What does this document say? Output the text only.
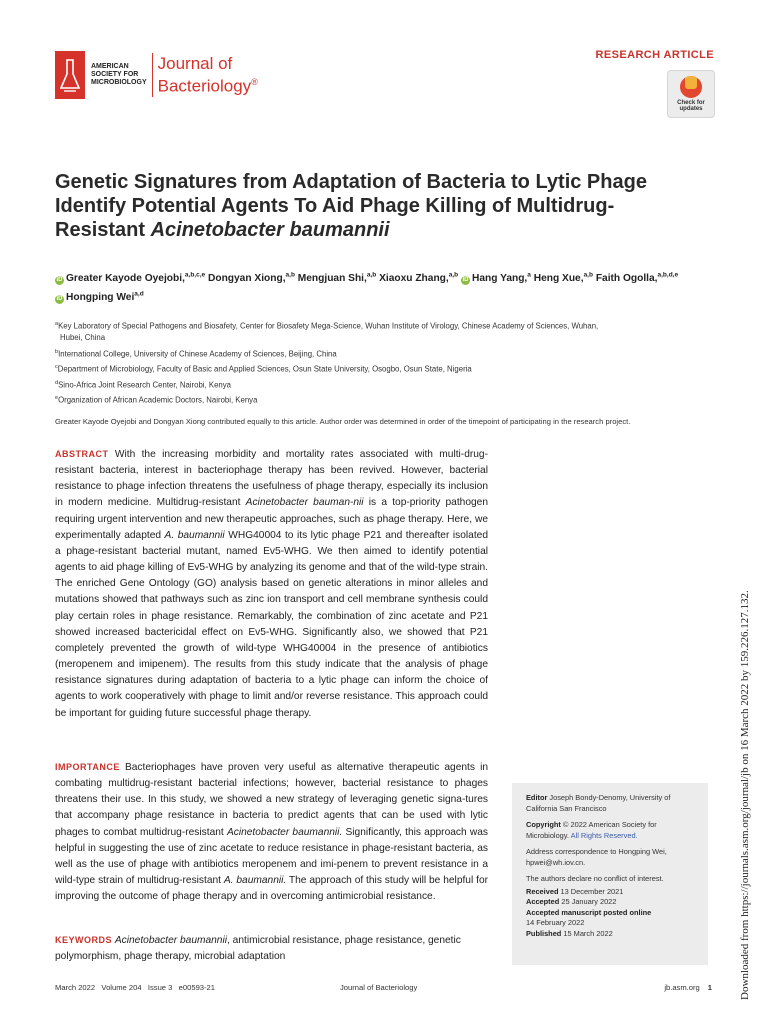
AMERICAN
SOCIETY FOR
MICROBIOLOGY
Journal of
Bacteriology®
RESEARCH ARTICLE
Check for
updates
Genetic Signatures from Adaptation of Bacteria to Lytic Phage
Identify Potential Agents To Aid Phage Killing of Multidrug-
Resistant Acinetobacter baumannii
iD Greater Kayode Oyejobi,$^{a,b,c,e}$ Dongyan Xiong,$^{a,b}$ Mengjuan Shi,$^{a,b}$ Xiaoxu Zhang,$^{a,b}$ iD Hang Yang,$^a$ Heng Xue,$^{a,b}$ Faith Ogolla,$^{a,b,d,e}$
iD Hongping Wei$^{a,d}$
$^a$Key Laboratory of Special Pathogens and Biosafety, Center for Biosafety Mega-Science, Wuhan Institute of Virology, Chinese Academy of Sciences, Wuhan,
Hubei, China
$^b$International College, University of Chinese Academy of Sciences, Beijing, China
$^c$Department of Microbiology, Faculty of Basic and Applied Sciences, Osun State University, Osogbo, Osun State, Nigeria
$^d$Sino-Africa Joint Research Center, Nairobi, Kenya
$^e$Organization of African Academic Doctors, Nairobi, Kenya
Greater Kayode Oyejobi and Dongyan Xiong contributed equally to this article. Author order was determined in order of the timepoint of participating in the research project.
ABSTRACT With the increasing morbidity and mortality rates associated with multi-drug-resistant bacteria, interest in bacteriophage therapy has been revived. However, bacterial resistance to phage infection threatens the usefulness of phage therapy, especially its inclusion in modern medicine. Multidrug-resistant Acinetobacter bauman-nii is a top-priority pathogen requiring urgent intervention and new therapeutic approaches, such as phage therapy. Here, we experimentally adapted A. baumannii WHG40004 to its lytic phage P21 and thereafter isolated a phage-resistant bacterial mutant, named Ev5-WHG. We then aimed to identify potential agents to aid phage killing of Ev5-WHG by analyzing its genome and that of the wild-type strain. The enriched Gene Ontology (GO) analysis based on genetic alterations in minor alleles and mutations showed that pathways such as zinc ion transport and cell membrane synthesis could play certain roles in phage resistance. Remarkably, the combination of zinc acetate and P21 showed increased bactericidal effect on Ev5-WHG. Significantly also, we showed that P21 completely prevented the growth of wild-type WHG40004 in the presence of antibiotics (meropenem and imipenem). The results from this study indicate that the analysis of phage resistance signatures during adaptation of bacteria to a lytic phage can inform the choice of agents to work cooperatively with phage to limit and/or reverse resistance. This approach could be important for guiding future successful phage therapy.
IMPORTANCE Bacteriophages have proven very useful as alternative therapeutic agents in combating multidrug-resistant bacterial infections; however, bacterial resistance to phages threatens their use. In this study, we showed a new strategy of leveraging genetic signa-tures that accompany phage resistance in bacteria to predict agents that can be used with lytic phages to combat multidrug-resistant Acinetobacter baumannii. Significantly, this approach was helpful in suggesting the use of zinc acetate to reduce resistance in phage-resistant bacteria, as well as the use of phage with antibiotics meropenem and imi-penem to prevent resistance in a wild-type strain of multidrug-resistant A. baumannii. The approach of this study will be helpful for improving the outcome of phage therapy and in overcoming antimicrobial resistance.
KEYWORDS Acinetobacter baumannii, antimicrobial resistance, phage resistance, genetic polymorphism, phage therapy, microbial adaptation

Editor Joseph Bondy-Denomy, University of California San Francisco

Copyright © 2022 American Society for Microbiology. All Rights Reserved.

Address correspondence to Hongping Wei, hpwei@wh.iov.cn.

The authors declare no conflict of interest.

Received 13 December 2021
Accepted 25 January 2022
Accepted manuscript posted online
14 February 2022
Published 15 March 2022	Downloaded from https://journals.asm.org/journal/jb on 16 March 2022 by 159.226.127.132.
March 2022   Volume 204   Issue 3   e00593-21	Journal of Bacteriology	jb.asm.org 1
